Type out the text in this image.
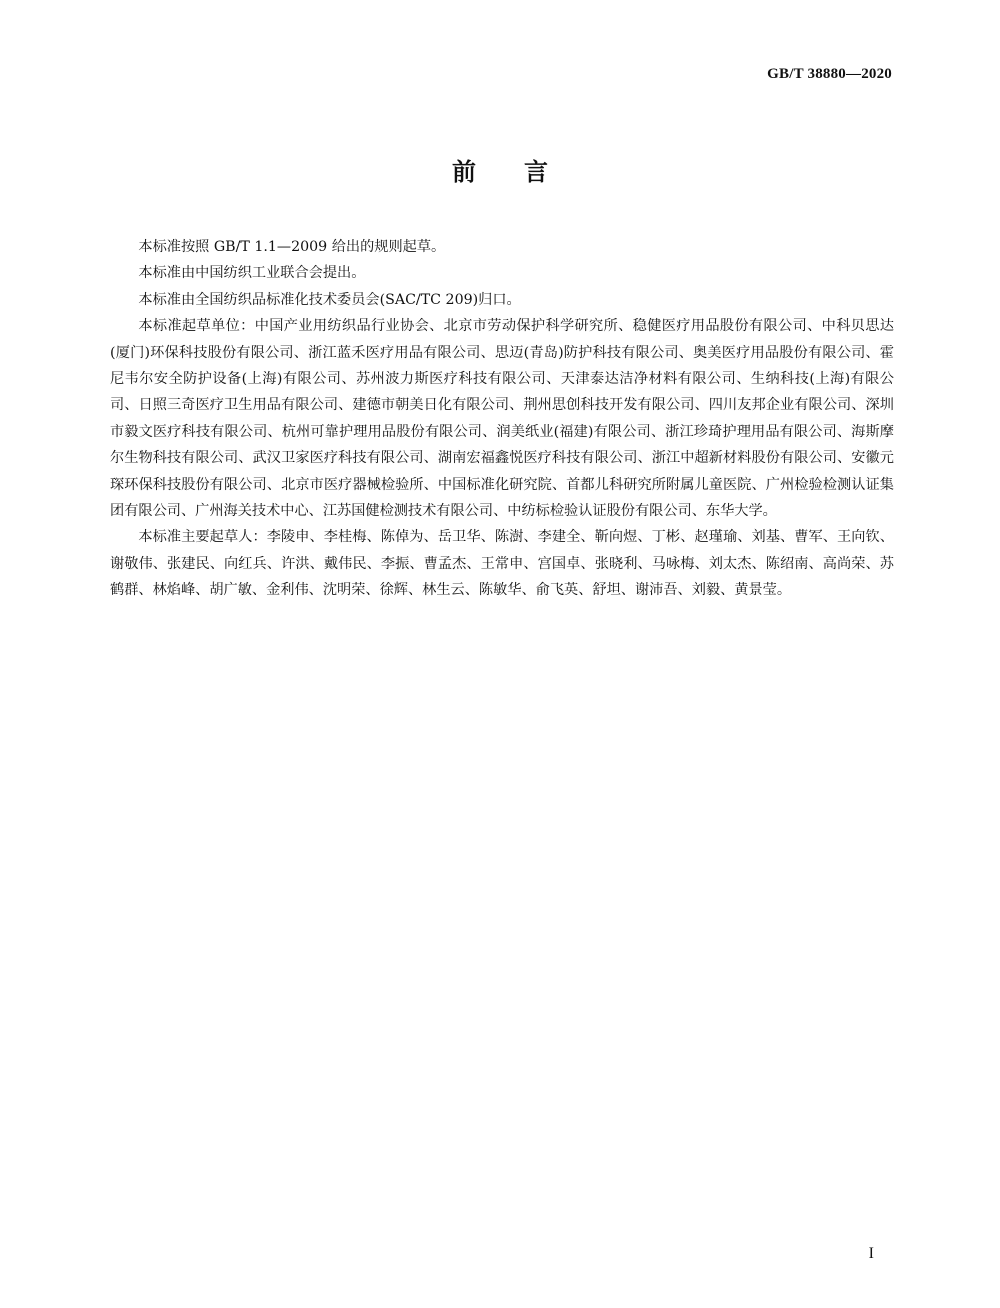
GB/T 38880—2020
前言

本标准按照 GB/T 1.1—2009 给出的规则起草。

本标准由中国纺织工业联合会提出。

本标准由全国纺织品标准化技术委员会(SAC/TC 209)归口。

本标准起草单位：中国产业用纺织品行业协会、北京市劳动保护科学研究所、稳健医疗用品股份有限公司、中科贝思达(厦门)环保科技股份有限公司、浙江蓝禾医疗用品有限公司、思迈(青岛)防护科技有限公司、奥美医疗用品股份有限公司、霍尼韦尔安全防护设备(上海)有限公司、苏州波力斯医疗科技有限公司、天津泰达洁净材料有限公司、生纳科技(上海)有限公司、日照三奇医疗卫生用品有限公司、建德市朝美日化有限公司、荆州思创科技开发有限公司、四川友邦企业有限公司、深圳市毅文医疗科技有限公司、杭州可靠护理用品股份有限公司、润美纸业(福建)有限公司、浙江珍琦护理用品有限公司、海斯摩尔生物科技有限公司、武汉卫家医疗科技有限公司、湖南宏福鑫悦医疗科技有限公司、浙江中超新材料股份有限公司、安徽元琛环保科技股份有限公司、北京市医疗器械检验所、中国标准化研究院、首都儿科研究所附属儿童医院、广州检验检测认证集团有限公司、广州海关技术中心、江苏国健检测技术有限公司、中纺标检验认证股份有限公司、东华大学。

本标准主要起草人：李陵申、李桂梅、陈倬为、岳卫华、陈澍、李建全、靳向煜、丁彬、赵瑾瑜、刘基、曹军、王向钦、谢敬伟、张建民、向红兵、许洪、戴伟民、李振、曹孟杰、王常申、宫国卓、张晓利、马咏梅、刘太杰、陈绍南、高尚荣、苏鹤群、林焰峰、胡广敏、金利伟、沈明荣、徐辉、林生云、陈敏华、俞飞英、舒坦、谢沛吾、刘毅、黄景莹。

I
